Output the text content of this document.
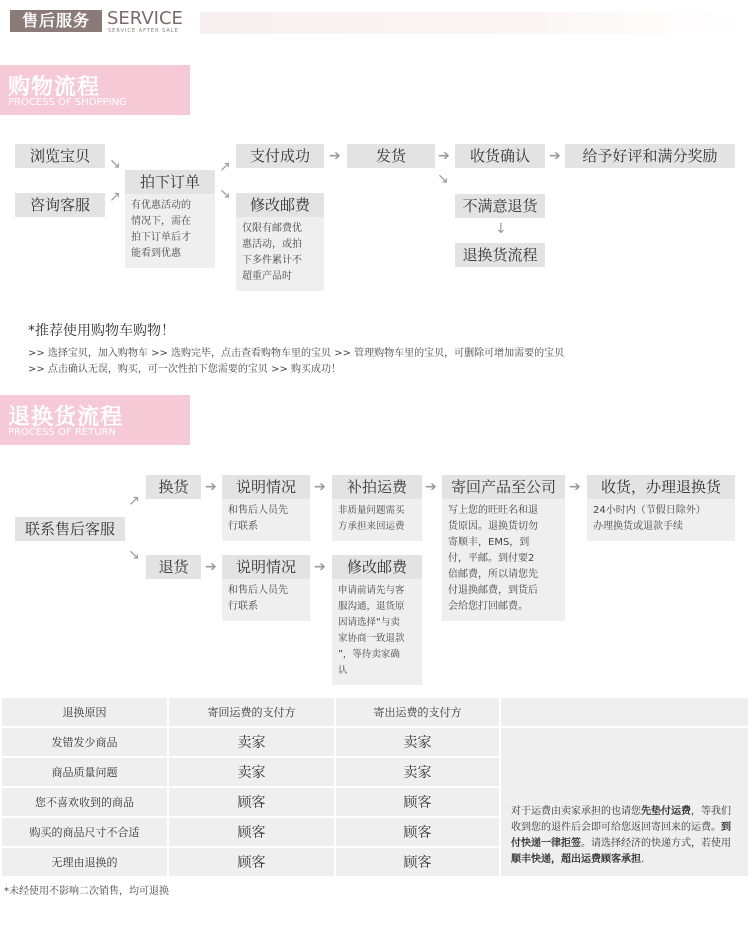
售后服务 SERVICE
SERVICE AFTER SALE
购物流程
PROCESS OF SHOPPING
浏览宝贝
咨询客服
↘
↗
拍下订单
有优惠活动的
情况下，需在
拍下订单后才
能看到优惠
↗
↘
支付成功
修改邮费
仅限有邮费优
惠活动，或拍
下多件累计不
超重产品时
➔	发货	➔	收货确认	➔	给予好评和满分奖励
↘
不满意退货
↓
退换货流程
*推荐使用购物车购物！
>> 选择宝贝，加入购物车 >> 选购完毕，点击查看购物车里的宝贝 >> 管理购物车里的宝贝，可删除可增加需要的宝贝
>> 点击确认无误，购买，可一次性拍下您需要的宝贝 >> 购买成功！
退换货流程
PROCESS OF RETURN
联系售后客服
↗
↘
换货
退货
➔
➔
说明情况
和售后人员先
行联系
说明情况
和售后人员先
行联系
➔
➔
补拍运费
非质量问题需买
方承担来回运费
修改邮费
申请前请先与客
服沟通，退货原
因请选择“与卖
家协商一致退款
”，等待卖家确
认
➔ 寄回产品至公司
写上您的旺旺名和退
货原因。退换货切勿
寄顺丰，EMS，到
付，平邮。到付要2
倍邮费，所以请您先
付退换邮费，到货后
会给您打回邮费。
➔	收货，办理退换货
24小时内（节假日除外）
办理换货或退款手续
退换原因	寄回运费的支付方	寄出运费的支付方	
发错发少商品	卖家	卖家	对于运费由卖家承担的也请您先垫付运费，等我们收到您的退件后会即可给您返回寄回来的运费。到付快递一律拒签。请选择经济的快递方式，若使用顺丰快递，超出运费顾客承担.
商品质量问题	卖家	卖家	
您不喜欢收到的商品	顾客	顾客	
购买的商品尺寸不合适	顾客	顾客	
无理由退换的	顾客	顾客	
*未经使用不影响二次销售，均可退换
